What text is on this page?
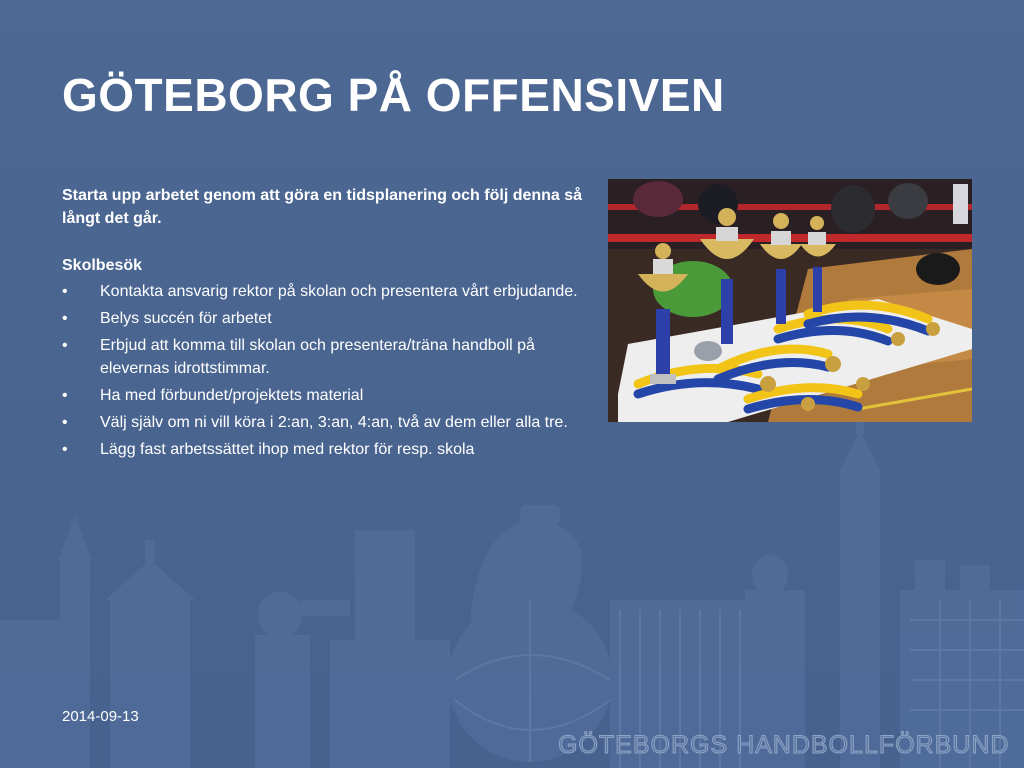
GÖTEBORG PÅ OFFENSIVEN

Starta upp arbetet genom att göra en tidsplanering och följ denna så långt det går.

Skolbesök

• Kontakta ansvarig rektor på skolan och presentera vårt erbjudande.
• Belys succén för arbetet
• Erbjud att komma till skolan och presentera/träna handboll på elevernas idrottstimmar.
• Ha med förbundet/projektets material
• Välj själv om ni vill köra i 2:an, 3:an, 4:an, två av dem eller alla tre.
• Lägg fast arbetssättet ihop med rektor för resp. skola
2014-09-13
GÖTEBORGS HANDBOLLFÖRBUND
